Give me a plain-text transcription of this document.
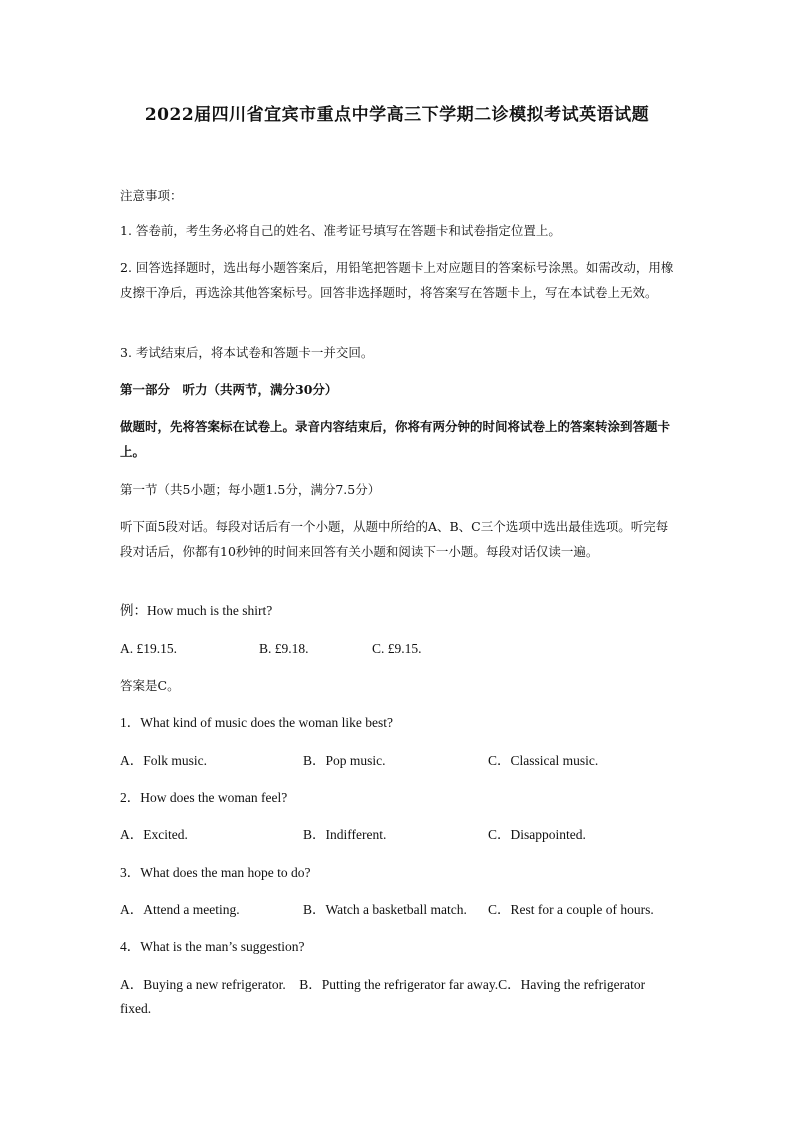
2022届四川省宜宾市重点中学高三下学期二诊模拟考试英语试题

注意事项：

1. 答卷前，考生务必将自己的姓名、准考证号填写在答题卡和试卷指定位置上。

2. 回答选择题时，选出每小题答案后，用铅笔把答题卡上对应题目的答案标号涂黑。如需改动，用橡皮擦干净后，再选涂其他答案标号。回答非选择题时，将答案写在答题卡上，写在本试卷上无效。

3. 考试结束后，将本试卷和答题卡一并交回。

第一部分　听力（共两节，满分30分）

做题时，先将答案标在试卷上。录音内容结束后，你将有两分钟的时间将试卷上的答案转涂到答题卡上。

第一节（共5小题；每小题1.5分，满分7.5分）

听下面5段对话。每段对话后有一个小题，从题中所给的A、B、C三个选项中选出最佳选项。听完每段对话后，你都有10秒钟的时间来回答有关小题和阅读下一小题。每段对话仅读一遍。

例：How much is the shirt?

A. £19.15.	B. £9.18.	C. £9.15.

答案是C。

1．What kind of music does the woman like best?

A．Folk music.	B．Pop music.	C．Classical music.

2．How does the woman feel?

A．Excited.	B．Indifferent.	C．Disappointed.

3．What does the man hope to do?

A．Attend a meeting.	B．Watch a basketball match. C．Rest for a couple of hours.

4．What is the man’s suggestion?

A．Buying a new refrigerator.　B．Putting the refrigerator far away.C．Having the refrigerator

fixed.
